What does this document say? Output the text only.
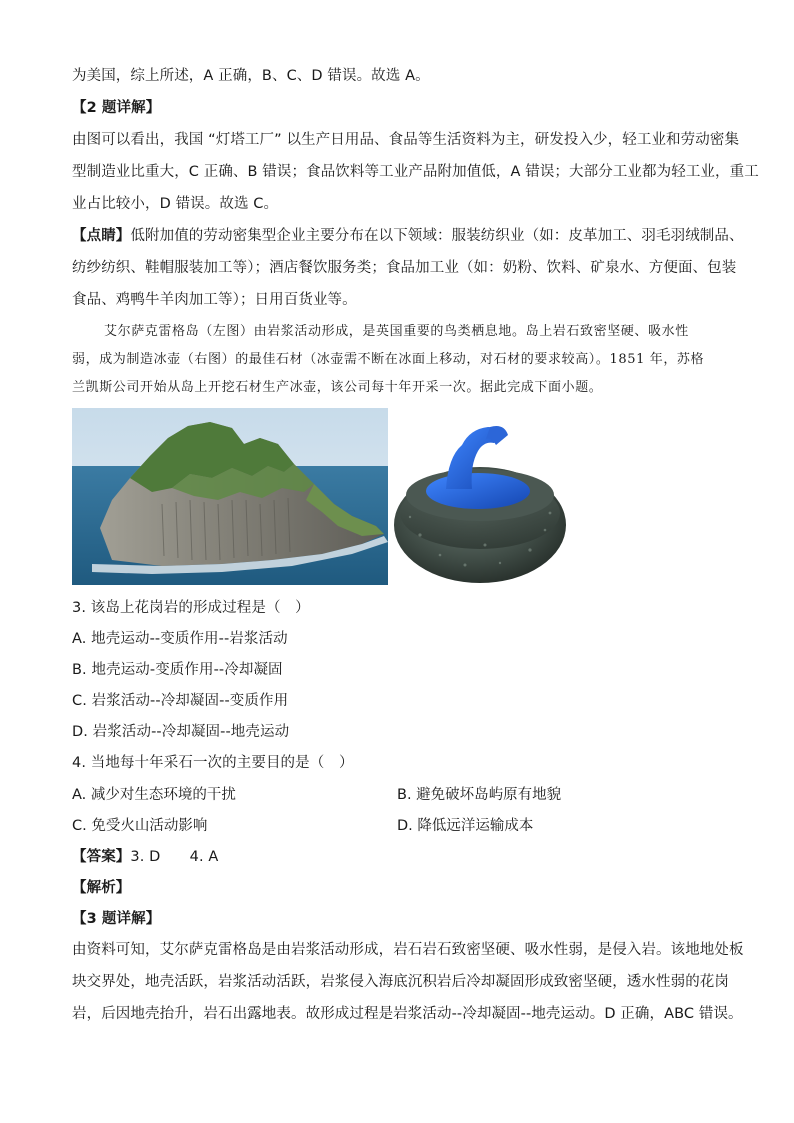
为美国，综上所述，A 正确，B、C、D 错误。故选 A。
【2 题详解】
由图可以看出，我国 “灯塔工厂” 以生产日用品、食品等生活资料为主，研发投入少，轻工业和劳动密集
型制造业比重大，C 正确、B 错误；食品饮料等工业产品附加值低，A 错误；大部分工业都为轻工业，重工
业占比较小，D 错误。故选 C。
【点睛】低附加值的劳动密集型企业主要分布在以下领域：服装纺织业（如：皮革加工、羽毛羽绒制品、
纺纱纺织、鞋帽服装加工等）；酒店餐饮服务类；食品加工业（如：奶粉、饮料、矿泉水、方便面、包装
食品、鸡鸭牛羊肉加工等）；日用百货业等。
艾尔萨克雷格岛（左图）由岩浆活动形成，是英国重要的鸟类栖息地。岛上岩石致密坚硬、吸水性
弱，成为制造冰壶（右图）的最佳石材（冰壶需不断在冰面上移动，对石材的要求较高）。1851 年，苏格
兰凯斯公司开始从岛上开挖石材生产冰壶，该公司每十年开采一次。据此完成下面小题。
3. 该岛上花岗岩的形成过程是（　）
A. 地壳运动--变质作用--岩浆活动
B. 地壳运动-变质作用--冷却凝固
C. 岩浆活动--冷却凝固--变质作用
D. 岩浆活动--冷却凝固--地壳运动
4. 当地每十年采石一次的主要目的是（　）
A. 减少对生态环境的干扰	B. 避免破坏岛屿原有地貌
C. 免受火山活动影响	D. 降低远洋运输成本
【答案】3. D　　4. A
【解析】
【3 题详解】
由资料可知，艾尔萨克雷格岛是由岩浆活动形成，岩石岩石致密坚硬、吸水性弱，是侵入岩。该地地处板
块交界处，地壳活跃，岩浆活动活跃，岩浆侵入海底沉积岩后冷却凝固形成致密坚硬，透水性弱的花岗
岩，后因地壳抬升，岩石出露地表。故形成过程是岩浆活动--冷却凝固--地壳运动。D 正确，ABC 错误。
